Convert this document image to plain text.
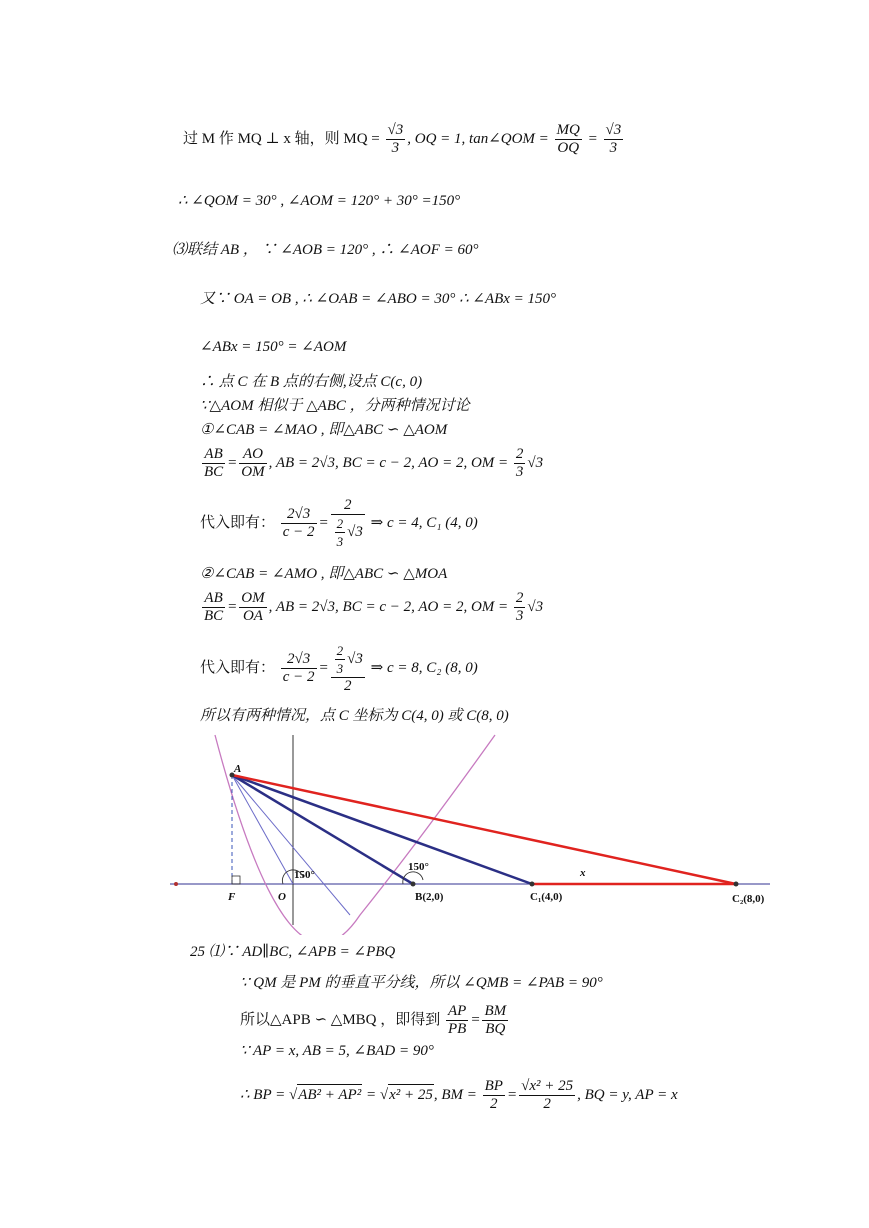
过 M 作 MQ ⊥ x 轴，则 MQ = $\frac{√3}{3}$ , OQ = 1, tan∠QOM = $\frac{MQ}{OQ} = \frac{√3}{3}$
∴ ∠QOM = 30° , ∠AOM = 120° + 30° =150°
⑶联结 AB ， ∵ ∠AOB = 120° , ∴ ∠AOF = 60°
又∵ OA = OB , ∴ ∠OAB = ∠ABO = 30° ∴ ∠ABx = 150°
∠ABx = 150° = ∠AOM
∴ 点 C 在 B 点的右侧,设点 C(c, 0)
∵△AOM 相似于 △ABC ，分两种情况讨论
①∠CAB = ∠MAO , 即△ABC ∽ △AOM
$\frac{AB}{BC} = \frac{AO}{OM}$ , AB = 2√3, BC = c − 2, AO = 2, OM = $\frac{2}{3} √3$
代入即有： $\frac{2√3}{c - 2} = \frac{2}{\frac{2}{3} √3}$ ⇒ c = 4, C₁ (4, 0)
②∠CAB = ∠AMO , 即△ABC ∽ △MOA
$\frac{AB}{BC} = \frac{OM}{OA}$ , AB = 2√3, BC = c − 2, AO = 2, OM = $\frac{2}{3} √3$
代入即有： $\frac{2√3}{c - 2} = \frac{\frac{2}{3} √3}{2}$ ⇒ c = 8, C₂ (8, 0)
所以有两种情况，点 C 坐标为 C(4, 0) 或 C(8, 0)
A
F	O	B(2,0)	C₁(4,0)	C₂(8,0)
x
150°
150°
25 ⑴∵ AD∥BC, ∠APB = ∠PBQ
∵ QM 是 PM 的垂直平分线，所以 ∠QMB = ∠PAB = 90°
所以△APB ∽ △MBQ ，即得到 $\frac{AP}{PB} = \frac{BM}{BQ}$
∵ AP = x, AB = 5, ∠BAD = 90°
∴ BP = √AB² + AP² = √x² + 25, BM = $\frac{BP}{2} = \frac{\text{√x² + 25}}{2}$ , BQ = y, AP = x
